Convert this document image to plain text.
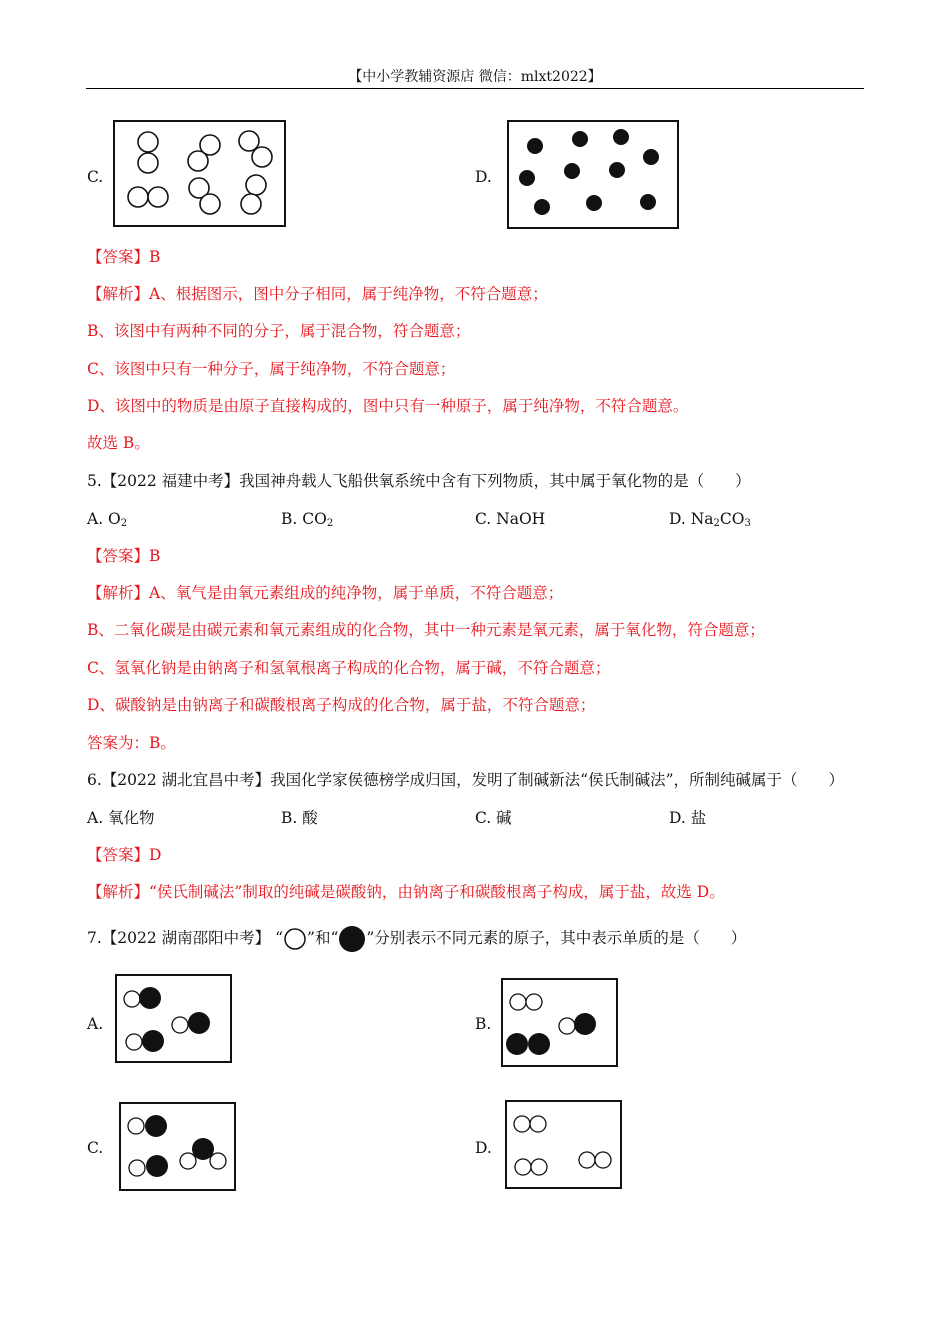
【中小学教辅资源店 微信：mlxt2022】
C.	D.
【答案】B
【解析】A、根据图示，图中分子相同，属于纯净物，不符合题意；
B、该图中有两种不同的分子，属于混合物，符合题意；
C、该图中只有一种分子，属于纯净物，不符合题意；
D、该图中的物质是由原子直接构成的，图中只有一种原子，属于纯净物，不符合题意。
故选 B。
5.【2022 福建中考】我国神舟载人飞船供氧系统中含有下列物质，其中属于氧化物的是（　　）
A. $O_2$	B. $CO_2$	C. NaOH	D. $Na_2CO_3$
【答案】B
【解析】A、氧气是由氧元素组成的纯净物，属于单质，不符合题意；
B、二氧化碳是由碳元素和氧元素组成的化合物，其中一种元素是氧元素，属于氧化物，符合题意；
C、氢氧化钠是由钠离子和氢氧根离子构成的化合物，属于碱，不符合题意；
D、碳酸钠是由钠离子和碳酸根离子构成的化合物，属于盐，不符合题意；
答案为：B。
6.【2022 湖北宜昌中考】我国化学家侯德榜学成归国，发明了制碱新法“侯氏制碱法”，所制纯碱属于（　　）
A. 氧化物	B. 酸	C. 碱	D. 盐
【答案】D
【解析】“侯氏制碱法”制取的纯碱是碳酸钠，由钠离子和碳酸根离子构成，属于盐，故选 D。
7.【2022 湖南邵阳中考】 “ ”和“ ”分别表示不同元素的原子，其中表示单质的是（　　）
A.	B.
C.	D.
